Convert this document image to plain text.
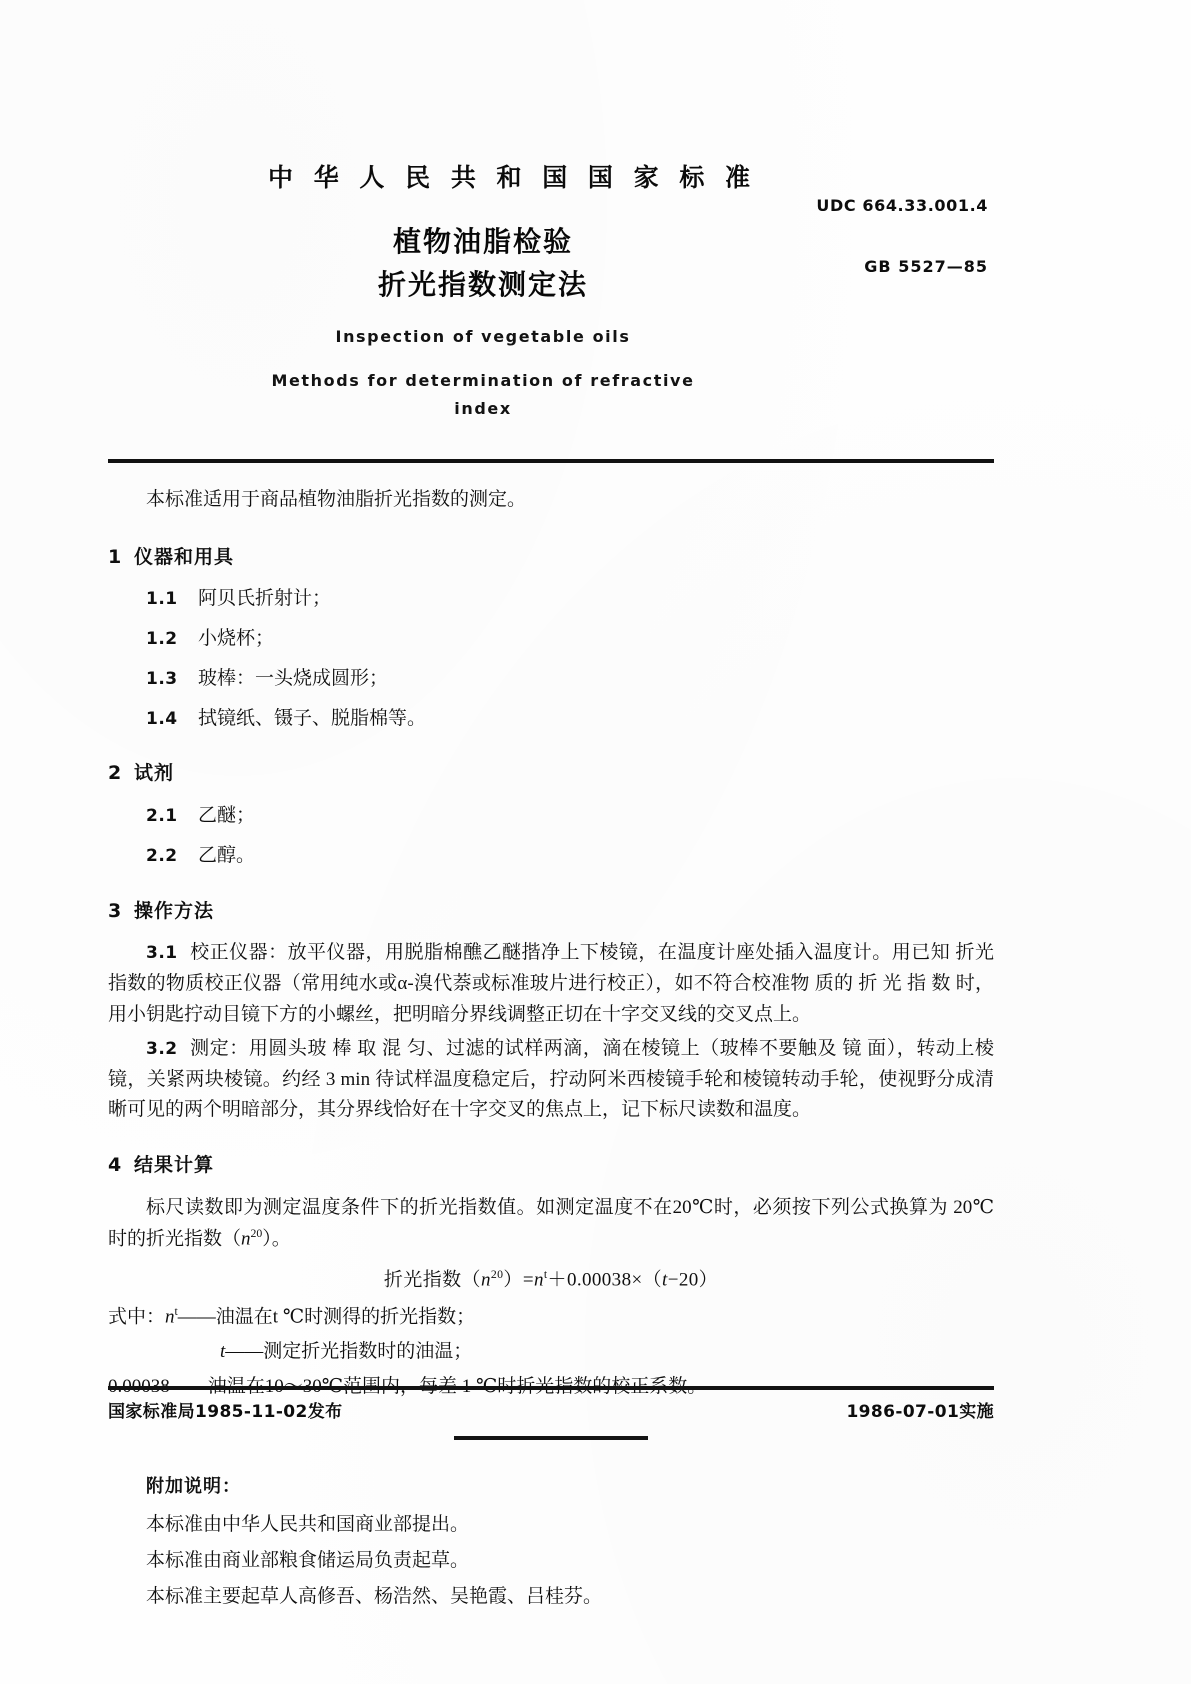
中 华 人 民 共 和 国 国 家 标 准
植物油脂检验
折光指数测定法
Inspection of vegetable oils
Methods for determination of refractive index
UDC 664.33.001.4
GB 5527—85

本标准适用于商品植物油脂折光指数的测定。

1 仪器和用具

1.1 阿贝氏折射计；

1.2 小烧杯；

1.3 玻棒：一头烧成圆形；

1.4 拭镜纸、镊子、脱脂棉等。

2 试剂

2.1 乙醚；

2.2 乙醇。

3 操作方法

3.1 校正仪器：放平仪器，用脱脂棉醮乙醚揩净上下棱镜，在温度计座处插入温度计。用已知 折光 指数的物质校正仪器（常用纯水或α-溴代萘或标准玻片进行校正），如不符合校准物 质的 折 光 指 数 时，用小钥匙拧动目镜下方的小螺丝，把明暗分界线调整正切在十字交叉线的交叉点上。

3.2 测定：用圆头玻 棒 取 混 匀、过滤的试样两滴，滴在棱镜上（玻棒不要触及 镜 面），转动上棱镜，关紧两块棱镜。约经 3 min 待试样温度稳定后，拧动阿米西棱镜手轮和棱镜转动手轮，使视野分成清晰可见的两个明暗部分，其分界线恰好在十字交叉的焦点上，记下标尺读数和温度。

4 结果计算

标尺读数即为测定温度条件下的折光指数值。如测定温度不在20℃时，必须按下列公式换算为 20℃ 时的折光指数$(n^{20})$。

折光指数$(n^{20})=n^t+0.00038\times(t-20)$

式中：$n^t——$油温在t ℃时测得的折光指数；

t——测定折光指数时的油温；

附加说明：

本标准由中华人民共和国商业部提出。

本标准由商业部粮食储运局负责起草。

本标准主要起草人高修吾、杨浩然、吴艳霞、吕桂芬。

国家标准局1985-11-02发布	1986-07-01实施
